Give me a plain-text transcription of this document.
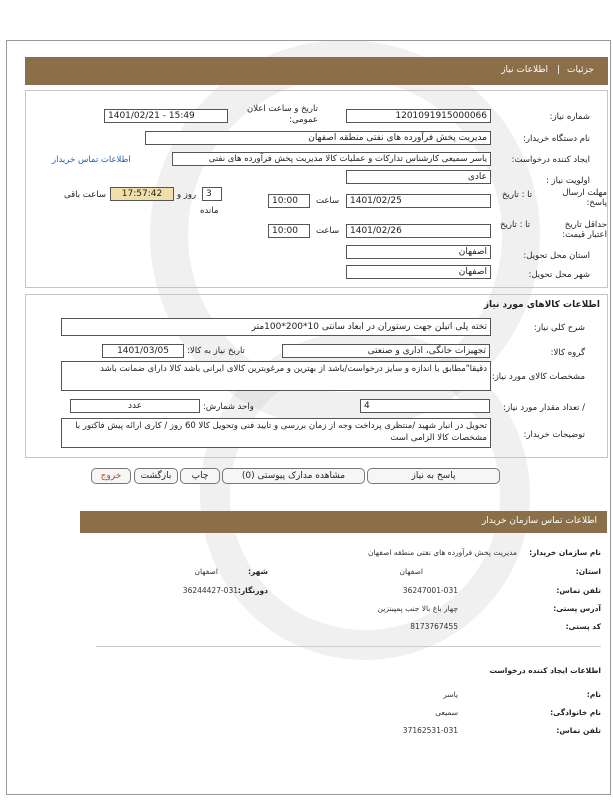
جزئیات
|
اطلاعات نیاز
شماره نیاز:
1201091915000066
تاریخ و ساعت اعلان عمومی:
1401/02/21 - 15:49
نام دستگاه خریدار:
مدیریت پخش فرآورده های نفتی منطقه اصفهان
ایجاد کننده درخواست:
یاسر سمیعی کارشناس تدارکات و عملیات کالا مدیریت پخش فرآورده های نفتی
اطلاعات تماس خریدار
اولویت نیاز :
عادی
مهلت ارسال پاسخ:
تا : تاریخ
1401/02/25
ساعت
10:00
3
روز و
17:57:42
ساعت باقی
مانده
حداقل تاریخ اعتبار قیمت:
تا : تاریخ
1401/02/26
ساعت
10:00
استان محل تحویل:
اصفهان
شهر محل تحویل:
اصفهان
اطلاعات کالاهای مورد نیاز
شرح کلی نیاز:
تخته پلی اتیلن جهت رستوران در ابعاد سانتی 10*200*100متر
گروه کالا:
تجهیزات خانگی، اداری و صنعتی
تاریخ نیاز به کالا:
1401/03/05
مشخصات کالای مورد نیاز:
دقیقا"مطابق با اندازه و سایز درخواست/باشد از بهترین و مرغوبترین کالای ایرانی باشد کالا دارای ضمانت باشد
/ تعداد مقدار مورد نیاز:
4
واحد شمارش:
عدد
توضیحات خریدار:
تحویل در انبار شهید /منتظری پرداخت وجه از زمان بررسی و تایید فنی وتحویل کالا 60 روز / کاری ارائه پیش فاکتور با مشخصات کالا الزامی است
پاسخ به نیاز
مشاهده مدارک پیوستی (0)
چاپ
بازگشت
خروج
اطلاعات تماس سازمان خریدار
نام سازمان خریدار:
مدیریت پخش فرآورده های نفتی منطقه اصفهان
استان:
اصفهان
شهر:
اصفهان
تلفن تماس:
36247001-031
دورنگار:
36244427-031
آدرس پستی:
چهار باغ بالا جنب پمپبنزین
کد پستی:
8173767455
اطلاعات ایجاد کننده درخواست
نام:
یاسر
نام خانوادگی:
سمیعی
تلفن تماس:
37162531-031
